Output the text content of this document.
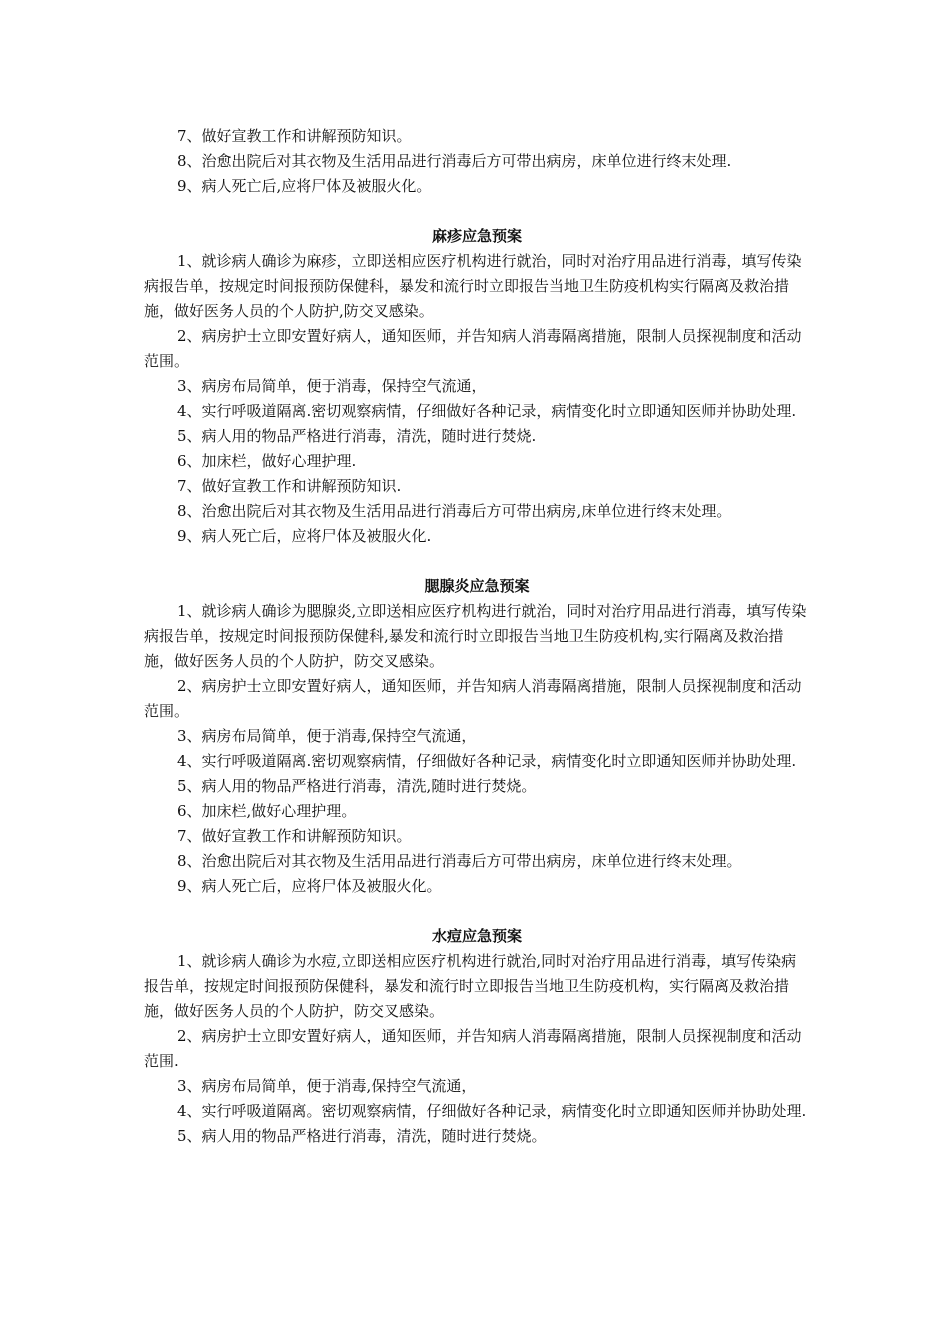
7、做好宣教工作和讲解预防知识。

8、治愈出院后对其衣物及生活用品进行消毒后方可带出病房，床单位进行终末处理.

9、病人死亡后,应将尸体及被服火化。

麻疹应急预案

1、就诊病人确诊为麻疹，立即送相应医疗机构进行就治，同时对治疗用品进行消毒，填写传染病报告单，按规定时间报预防保健科，暴发和流行时立即报告当地卫生防疫机构实行隔离及救治措施，做好医务人员的个人防护,防交叉感染。

2、病房护士立即安置好病人，通知医师，并告知病人消毒隔离措施，限制人员探视制度和活动范围。

3、病房布局简单，便于消毒，保持空气流通，

4、实行呼吸道隔离.密切观察病情，仔细做好各种记录，病情变化时立即通知医师并协助处理.

5、病人用的物品严格进行消毒，清洗，随时进行焚烧.

6、加床栏，做好心理护理.

7、做好宣教工作和讲解预防知识.

8、治愈出院后对其衣物及生活用品进行消毒后方可带出病房,床单位进行终末处理。

9、病人死亡后，应将尸体及被服火化.

腮腺炎应急预案

1、就诊病人确诊为腮腺炎,立即送相应医疗机构进行就治，同时对治疗用品进行消毒，填写传染病报告单，按规定时间报预防保健科,暴发和流行时立即报告当地卫生防疫机构,实行隔离及救治措施，做好医务人员的个人防护，防交叉感染。

2、病房护士立即安置好病人，通知医师，并告知病人消毒隔离措施，限制人员探视制度和活动范围。

3、病房布局简单，便于消毒,保持空气流通，

4、实行呼吸道隔离.密切观察病情，仔细做好各种记录，病情变化时立即通知医师并协助处理.

5、病人用的物品严格进行消毒，清洗,随时进行焚烧。

6、加床栏,做好心理护理。

7、做好宣教工作和讲解预防知识。

8、治愈出院后对其衣物及生活用品进行消毒后方可带出病房，床单位进行终末处理。

9、病人死亡后，应将尸体及被服火化。

水痘应急预案

1、就诊病人确诊为水痘,立即送相应医疗机构进行就治,同时对治疗用品进行消毒，填写传染病报告单，按规定时间报预防保健科，暴发和流行时立即报告当地卫生防疫机构，实行隔离及救治措施，做好医务人员的个人防护，防交叉感染。

2、病房护士立即安置好病人，通知医师，并告知病人消毒隔离措施，限制人员探视制度和活动范围.

3、病房布局简单，便于消毒,保持空气流通，

4、实行呼吸道隔离。密切观察病情，仔细做好各种记录，病情变化时立即通知医师并协助处理.

5、病人用的物品严格进行消毒，清洗，随时进行焚烧。
